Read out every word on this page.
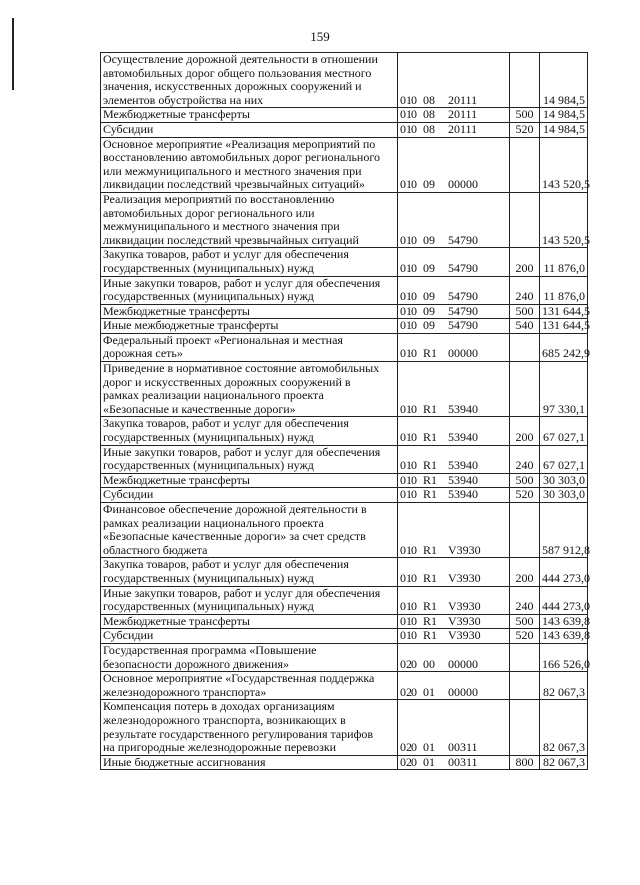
159
Осуществление дорожной деятельности в отношении
автомобильных дорог общего пользования местного
значения, искусственных дорожных сооружений и
элементов обустройства на них	010 08 20111		14 984,5

Межбюджетные трансферты	010 08 20111	500	14 984,5

Субсидии	010 08 20111	520	14 984,5

Основное мероприятие «Реализация мероприятий по
восстановлению автомобильных дорог регионального
или межмуниципального и местного значения при
ликвидации последствий чрезвычайных ситуаций»	010 09 00000		143 520,5

Реализация мероприятий по восстановлению
автомобильных дорог регионального или
межмуниципального и местного значения при
ликвидации последствий чрезвычайных ситуаций	010 09 54790		143 520,5

Закупка товаров, работ и услуг для обеспечения
государственных (муниципальных) нужд	010 09 54790	200	11 876,0

Иные закупки товаров, работ и услуг для обеспечения
государственных (муниципальных) нужд	010 09 54790	240	11 876,0

Межбюджетные трансферты	010 09 54790	500	131 644,5

Иные межбюджетные трансферты	010 09 54790	540	131 644,5

Федеральный проект «Региональная и местная
дорожная сеть»	010 R1 00000		685 242,9

Приведение в нормативное состояние автомобильных
дорог и искусственных дорожных сооружений в
рамках реализации национального проекта
«Безопасные и качественные дороги»	010 R1 53940		97 330,1

Закупка товаров, работ и услуг для обеспечения
государственных (муниципальных) нужд	010 R1 53940	200	67 027,1

Иные закупки товаров, работ и услуг для обеспечения
государственных (муниципальных) нужд	010 R1 53940	240	67 027,1

Межбюджетные трансферты	010 R1 53940	500	30 303,0

Субсидии	010 R1 53940	520	30 303,0

Финансовое обеспечение дорожной деятельности в
рамках реализации национального проекта
«Безопасные качественные дороги» за счет средств
областного бюджета	010 R1 V3930		587 912,8

Закупка товаров, работ и услуг для обеспечения
государственных (муниципальных) нужд	010 R1 V3930	200	444 273,0

Иные закупки товаров, работ и услуг для обеспечения
государственных (муниципальных) нужд	010 R1 V3930	240	444 273,0

Межбюджетные трансферты	010 R1 V3930	500	143 639,8

Субсидии	010 R1 V3930	520	143 639,8

Государственная программа «Повышение
безопасности дорожного движения»	020 00 00000		166 526,0

Основное мероприятие «Государственная поддержка
железнодорожного транспорта»	020 01 00000		82 067,3

Компенсация потерь в доходах организациям
железнодорожного транспорта, возникающих в
результате государственного регулирования тарифов
на пригородные железнодорожные перевозки	020 01 00311		82 067,3

Иные бюджетные ассигнования	020 01 00311	800	82 067,3
